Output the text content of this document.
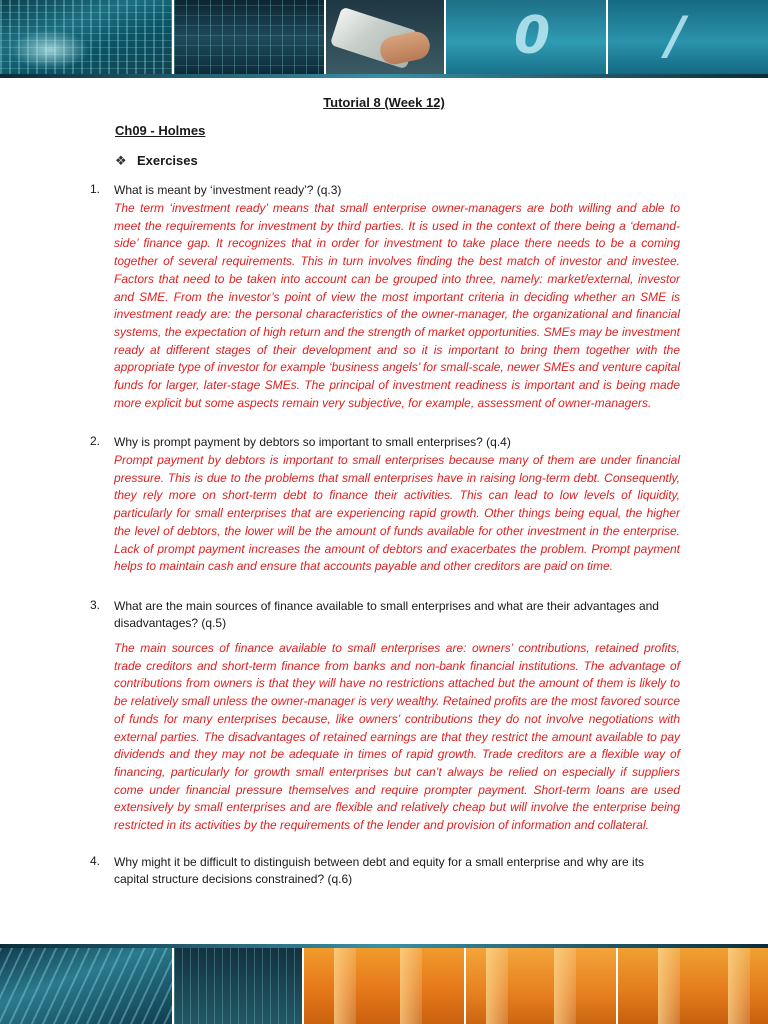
0 /
Tutorial 8 (Week 12)
Ch09 - Holmes
❖ Exercises
1. What is meant by ‘investment ready’? (q.3)
The term ‘investment ready’ means that small enterprise owner-managers are both willing and able to meet the requirements for investment by third parties. It is used in the context of there being a ‘demand-side’ finance gap. It recognizes that in order for investment to take place there needs to be a coming together of several requirements. This in turn involves finding the best match of investor and investee. Factors that need to be taken into account can be grouped into three, namely: market/external, investor and SME. From the investor’s point of view the most important criteria in deciding whether an SME is investment ready are: the personal characteristics of the owner-manager, the organizational and financial systems, the expectation of high return and the strength of market opportunities. SMEs may be investment ready at different stages of their development and so it is important to bring them together with the appropriate type of investor for example ‘business angels’ for small-scale, newer SMEs and venture capital funds for larger, later-stage SMEs. The principal of investment readiness is important and is being made more explicit but some aspects remain very subjective, for example, assessment of owner-managers.
2. Why is prompt payment by debtors so important to small enterprises? (q.4)
Prompt payment by debtors is important to small enterprises because many of them are under financial pressure. This is due to the problems that small enterprises have in raising long-term debt. Consequently, they rely more on short-term debt to finance their activities. This can lead to low levels of liquidity, particularly for small enterprises that are experiencing rapid growth. Other things being equal, the higher the level of debtors, the lower will be the amount of funds available for other investment in the enterprise. Lack of prompt payment increases the amount of debtors and exacerbates the problem. Prompt payment helps to maintain cash and ensure that accounts payable and other creditors are paid on time.
3. What are the main sources of finance available to small enterprises and what are their advantages and disadvantages? (q.5)
The main sources of finance available to small enterprises are: owners’ contributions, retained profits, trade creditors and short-term finance from banks and non-bank financial institutions. The advantage of contributions from owners is that they will have no restrictions attached but the amount of them is likely to be relatively small unless the owner-manager is very wealthy. Retained profits are the most favored source of funds for many enterprises because, like owners’ contributions they do not involve negotiations with external parties. The disadvantages of retained earnings are that they restrict the amount available to pay dividends and they may not be adequate in times of rapid growth. Trade creditors are a flexible way of financing, particularly for growth small enterprises but can’t always be relied on especially if suppliers come under financial pressure themselves and require prompter payment. Short-term loans are used extensively by small enterprises and are flexible and relatively cheap but will involve the enterprise being restricted in its activities by the requirements of the lender and provision of information and collateral.
4. Why might it be difficult to distinguish between debt and equity for a small enterprise and why are its capital structure decisions constrained? (q.6)
